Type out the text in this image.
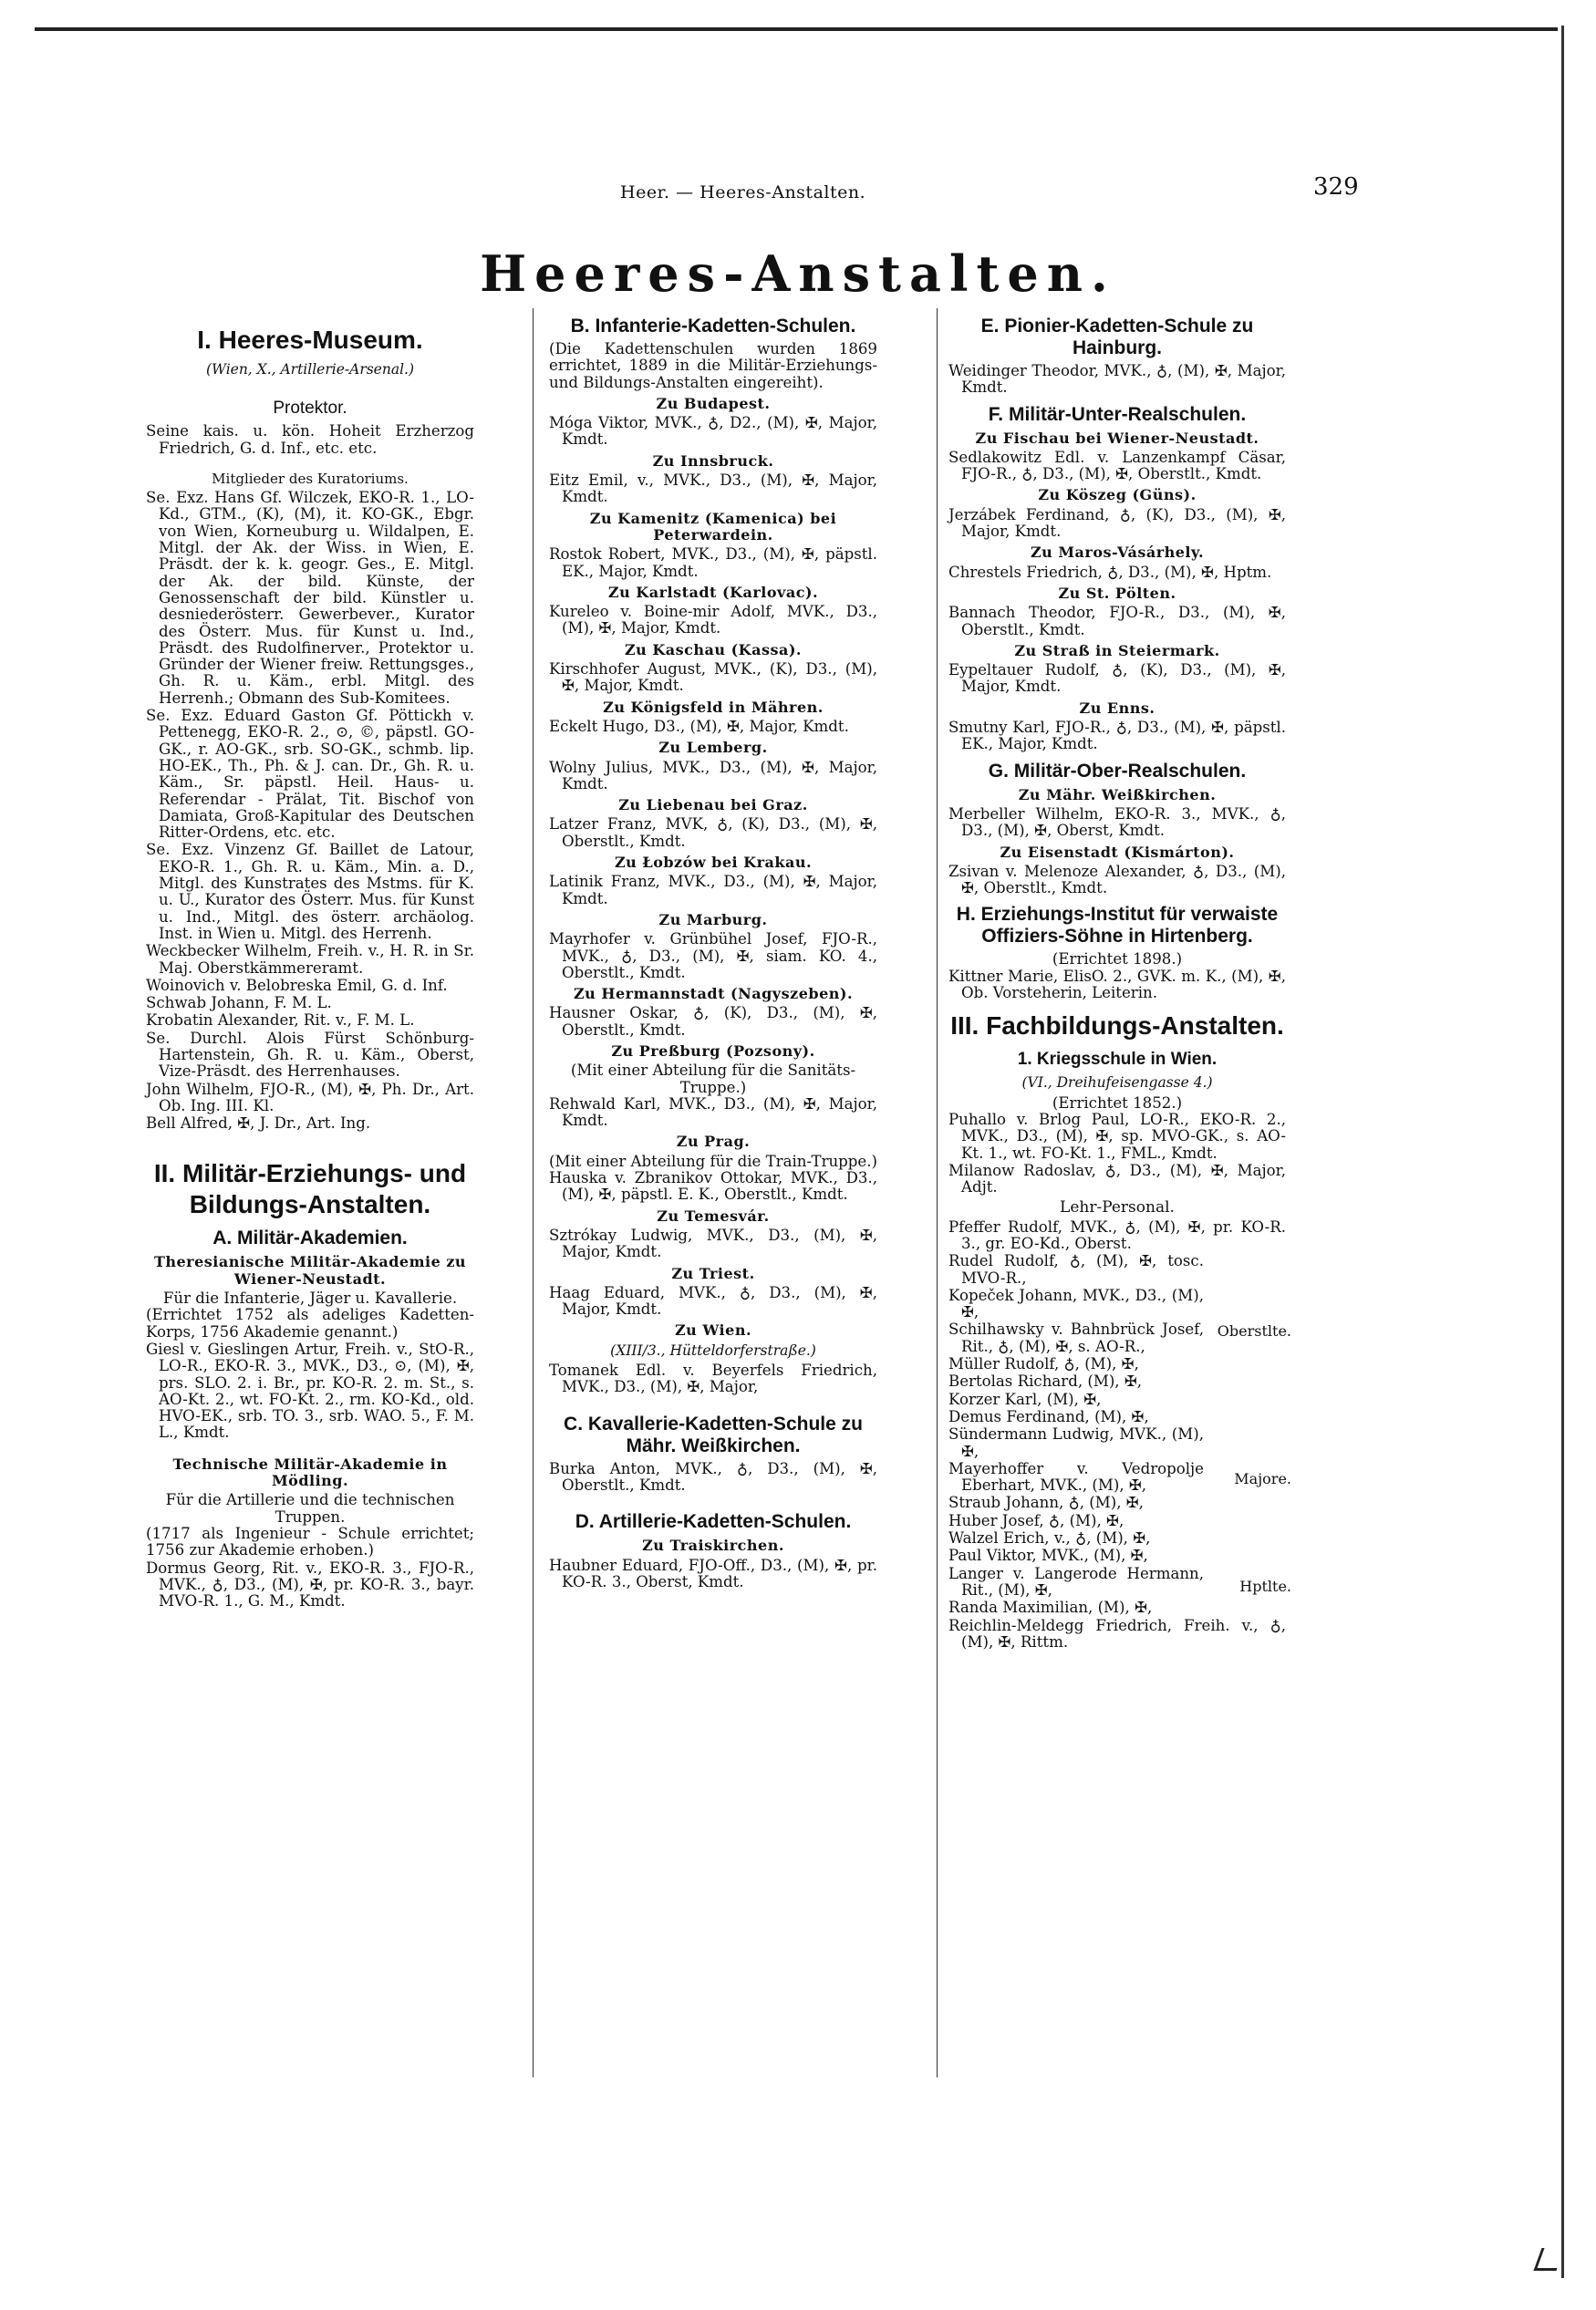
Heer. — Heeres-Anstalten.	329
Heeres-Anstalten.
I. Heeres-Museum.
(Wien, X., Artillerie-Arsenal.)
Protektor.

Seine kais. u. kön. Hoheit Erzherzog Friedrich, G. d. Inf., etc. etc.

Mitglieder des Kuratoriums.

Se. Exz. Hans Gf. Wilczek, EKO-R. 1., LO-Kd., GTM., (K), (M), it. KO-GK., Ebgr. von Wien, Korneuburg u. Wildalpen, E. Mitgl. der Ak. der Wiss. in Wien, E. Präsdt. der k. k. geogr. Ges., E. Mitgl. der Ak. der bild. Künste, der Genossenschaft der bild. Künstler u. desniederösterr. Gewerbever., Kurator des Österr. Mus. für Kunst u. Ind., Präsdt. des Rudolfinerver., Protektor u. Gründer der Wiener freiw. Rettungsges., Gh. R. u. Käm., erbl. Mitgl. des Herrenh.; Obmann des Sub-Komitees.

Se. Exz. Eduard Gaston Gf. Pöttickh v. Pettenegg, EKO-R. 2., ⊙, ©, päpstl. GO-GK., r. AO-GK., srb. SO-GK., schmb. lip. HO-EK., Th., Ph. & J. can. Dr., Gh. R. u. Käm., Sr. päpstl. Heil. Haus- u. Referendar - Prälat, Tit. Bischof von Damiata, Groß-Kapitular des Deutschen Ritter-Ordens, etc. etc.

Se. Exz. Vinzenz Gf. Baillet de Latour, EKO-R. 1., Gh. R. u. Käm., Min. a. D., Mitgl. des Kunstrates des Mstms. für K. u. U., Kurator des Österr. Mus. für Kunst u. Ind., Mitgl. des österr. archäolog. Inst. in Wien u. Mitgl. des Herrenh.

Weckbecker Wilhelm, Freih. v., H. R. in Sr. Maj. Oberstkämmereramt.

Woinovich v. Belobreska Emil, G. d. Inf.

Schwab Johann, F. M. L.

Krobatin Alexander, Rit. v., F. M. L.

Se. Durchl. Alois Fürst Schönburg-Hartenstein, Gh. R. u. Käm., Oberst, Vize-Präsdt. des Herrenhauses.

John Wilhelm, FJO-R., (M), ✠, Ph. Dr., Art. Ob. Ing. III. Kl.

Bell Alfred, ✠, J. Dr., Art. Ing.

II. Militär-Erziehungs- und Bildungs-Anstalten.
A. Militär-Akademien.
Theresianische Militär-Akademie zu Wiener-Neustadt.
Für die Infanterie, Jäger u. Kavallerie.

(Errichtet 1752 als adeliges Kadetten-Korps, 1756 Akademie genannt.)

Giesl v. Gieslingen Artur, Freih. v., StO-R., LO-R., EKO-R. 3., MVK., D3., ⊙, (M), ✠, prs. SLO. 2. i. Br., pr. KO-R. 2. m. St., s. AO-Kt. 2., wt. FO-Kt. 2., rm. KO-Kd., old. HVO-EK., srb. TO. 3., srb. WAO. 5., F. M. L., Kmdt.

Technische Militär-Akademie in Mödling.
Für die Artillerie und die technischen Truppen.

(1717 als Ingenieur - Schule errichtet; 1756 zur Akademie erhoben.)

Dormus Georg, Rit. v., EKO-R. 3., FJO-R., MVK., ♁, D3., (M), ✠, pr. KO-R. 3., bayr. MVO-R. 1., G. M., Kmdt.

B. Infanterie-Kadetten-Schulen.

(Die Kadettenschulen wurden 1869 errichtet, 1889 in die Militär-Erziehungs- und Bildungs-Anstalten eingereiht).

Zu Budapest.

Móga Viktor, MVK., ♁, D2., (M), ✠, Major, Kmdt.

Zu Innsbruck.

Eitz Emil, v., MVK., D3., (M), ✠, Major, Kmdt.

Zu Kamenitz (Kamenica) bei Peterwardein.

Rostok Robert, MVK., D3., (M), ✠, päpstl. EK., Major, Kmdt.

Zu Karlstadt (Karlovac).

Kureleo v. Boine-mir Adolf, MVK., D3., (M), ✠, Major, Kmdt.

Zu Kaschau (Kassa).

Kirschhofer August, MVK., (K), D3., (M), ✠, Major, Kmdt.

Zu Königsfeld in Mähren.

Eckelt Hugo, D3., (M), ✠, Major, Kmdt.

Zu Lemberg.

Wolny Julius, MVK., D3., (M), ✠, Major, Kmdt.

Zu Liebenau bei Graz.

Latzer Franz, MVK, ♁, (K), D3., (M), ✠, Oberstlt., Kmdt.

Zu Łobzów bei Krakau.

Latinik Franz, MVK., D3., (M), ✠, Major, Kmdt.

Zu Marburg.

Mayrhofer v. Grünbühel Josef, FJO-R., MVK., ♁, D3., (M), ✠, siam. KO. 4., Oberstlt., Kmdt.

Zu Hermannstadt (Nagyszeben).

Hausner Oskar, ♁, (K), D3., (M), ✠, Oberstlt., Kmdt.

Zu Preßburg (Pozsony).
(Mit einer Abteilung für die Sanitäts-Truppe.)

Rehwald Karl, MVK., D3., (M), ✠, Major, Kmdt.

Zu Prag.
(Mit einer Abteilung für die Train-Truppe.)

Hauska v. Zbranikov Ottokar, MVK., D3., (M), ✠, päpstl. E. K., Oberstlt., Kmdt.

Zu Temesvár.

Sztrókay Ludwig, MVK., D3., (M), ✠, Major, Kmdt.

Zu Triest.

Haag Eduard, MVK., ♁, D3., (M), ✠, Major, Kmdt.

Zu Wien.
(XIII/3., Hütteldorferstraße.)

Tomanek Edl. v. Beyerfels Friedrich, MVK., D3., (M), ✠, Major,

C. Kavallerie-Kadetten-Schule zu Mähr. Weißkirchen.

Burka Anton, MVK., ♁, D3., (M), ✠, Oberstlt., Kmdt.

D. Artillerie-Kadetten-Schulen.
Zu Traiskirchen.

Haubner Eduard, FJO-Off., D3., (M), ✠, pr. KO-R. 3., Oberst, Kmdt.

E. Pionier-Kadetten-Schule zu Hainburg.

Weidinger Theodor, MVK., ♁, (M), ✠, Major, Kmdt.

F. Militär-Unter-Realschulen.
Zu Fischau bei Wiener-Neustadt.

Sedlakowitz Edl. v. Lanzenkampf Cäsar, FJO-R., ♁, D3., (M), ✠, Oberstlt., Kmdt.

Zu Köszeg (Güns).

Jerzábek Ferdinand, ♁, (K), D3., (M), ✠, Major, Kmdt.

Zu Maros-Vásárhely.

Chrestels Friedrich, ♁, D3., (M), ✠, Hptm.

Zu St. Pölten.

Bannach Theodor, FJO-R., D3., (M), ✠, Oberstlt., Kmdt.

Zu Straß in Steiermark.

Eypeltauer Rudolf, ♁, (K), D3., (M), ✠, Major, Kmdt.

Zu Enns.

Smutny Karl, FJO-R., ♁, D3., (M), ✠, päpstl. EK., Major, Kmdt.

G. Militär-Ober-Realschulen.
Zu Mähr. Weißkirchen.

Merbeller Wilhelm, EKO-R. 3., MVK., ♁, D3., (M), ✠, Oberst, Kmdt.

Zu Eisenstadt (Kismárton).

Zsivan v. Melenoze Alexander, ♁, D3., (M), ✠, Oberstlt., Kmdt.

H. Erziehungs-Institut für verwaiste Offiziers-Söhne in Hirtenberg.
(Errichtet 1898.)

Kittner Marie, ElisO. 2., GVK. m. K., (M), ✠, Ob. Vorsteherin, Leiterin.

III. Fachbildungs-Anstalten.
1. Kriegsschule in Wien.
(VI., Dreihufeisengasse 4.)
(Errichtet 1852.)

Puhallo v. Brlog Paul, LO-R., EKO-R. 2., MVK., D3., (M), ✠, sp. MVO-GK., s. AO-Kt. 1., wt. FO-Kt. 1., FML., Kmdt.

Milanow Radoslav, ♁, D3., (M), ✠, Major, Adjt.

Lehr-Personal.

Pfeffer Rudolf, MVK., ♁, (M), ✠, pr. KO-R. 3., gr. EO-Kd., Oberst.

Rudel Rudolf, ♁, (M), ✠, tosc. MVO-R.,

Kopeček Johann, MVK., D3., (M), ✠,

Schilhawsky v. Bahnbrück Josef, Rit., ♁, (M), ✠, s. AO-R.,

Müller Rudolf, ♁, (M), ✠,

Bertolas Richard, (M), ✠,

Korzer Karl, (M), ✠,

Oberstlte.

Demus Ferdinand, (M), ✠,

Sündermann Ludwig, MVK., (M), ✠,

Mayerhoffer v. Vedropolje Eberhart, MVK., (M), ✠,

Straub Johann, ♁, (M), ✠,

Huber Josef, ♁, (M), ✠,

Walzel Erich, v., ♁, (M), ✠,

Paul Viktor, MVK., (M), ✠,

Majore.

Langer v. Langerode Hermann, Rit., (M), ✠,

Randa Maximilian, (M), ✠,

Hptlte.

Reichlin-Meldegg Friedrich, Freih. v., ♁, (M), ✠, Rittm.
